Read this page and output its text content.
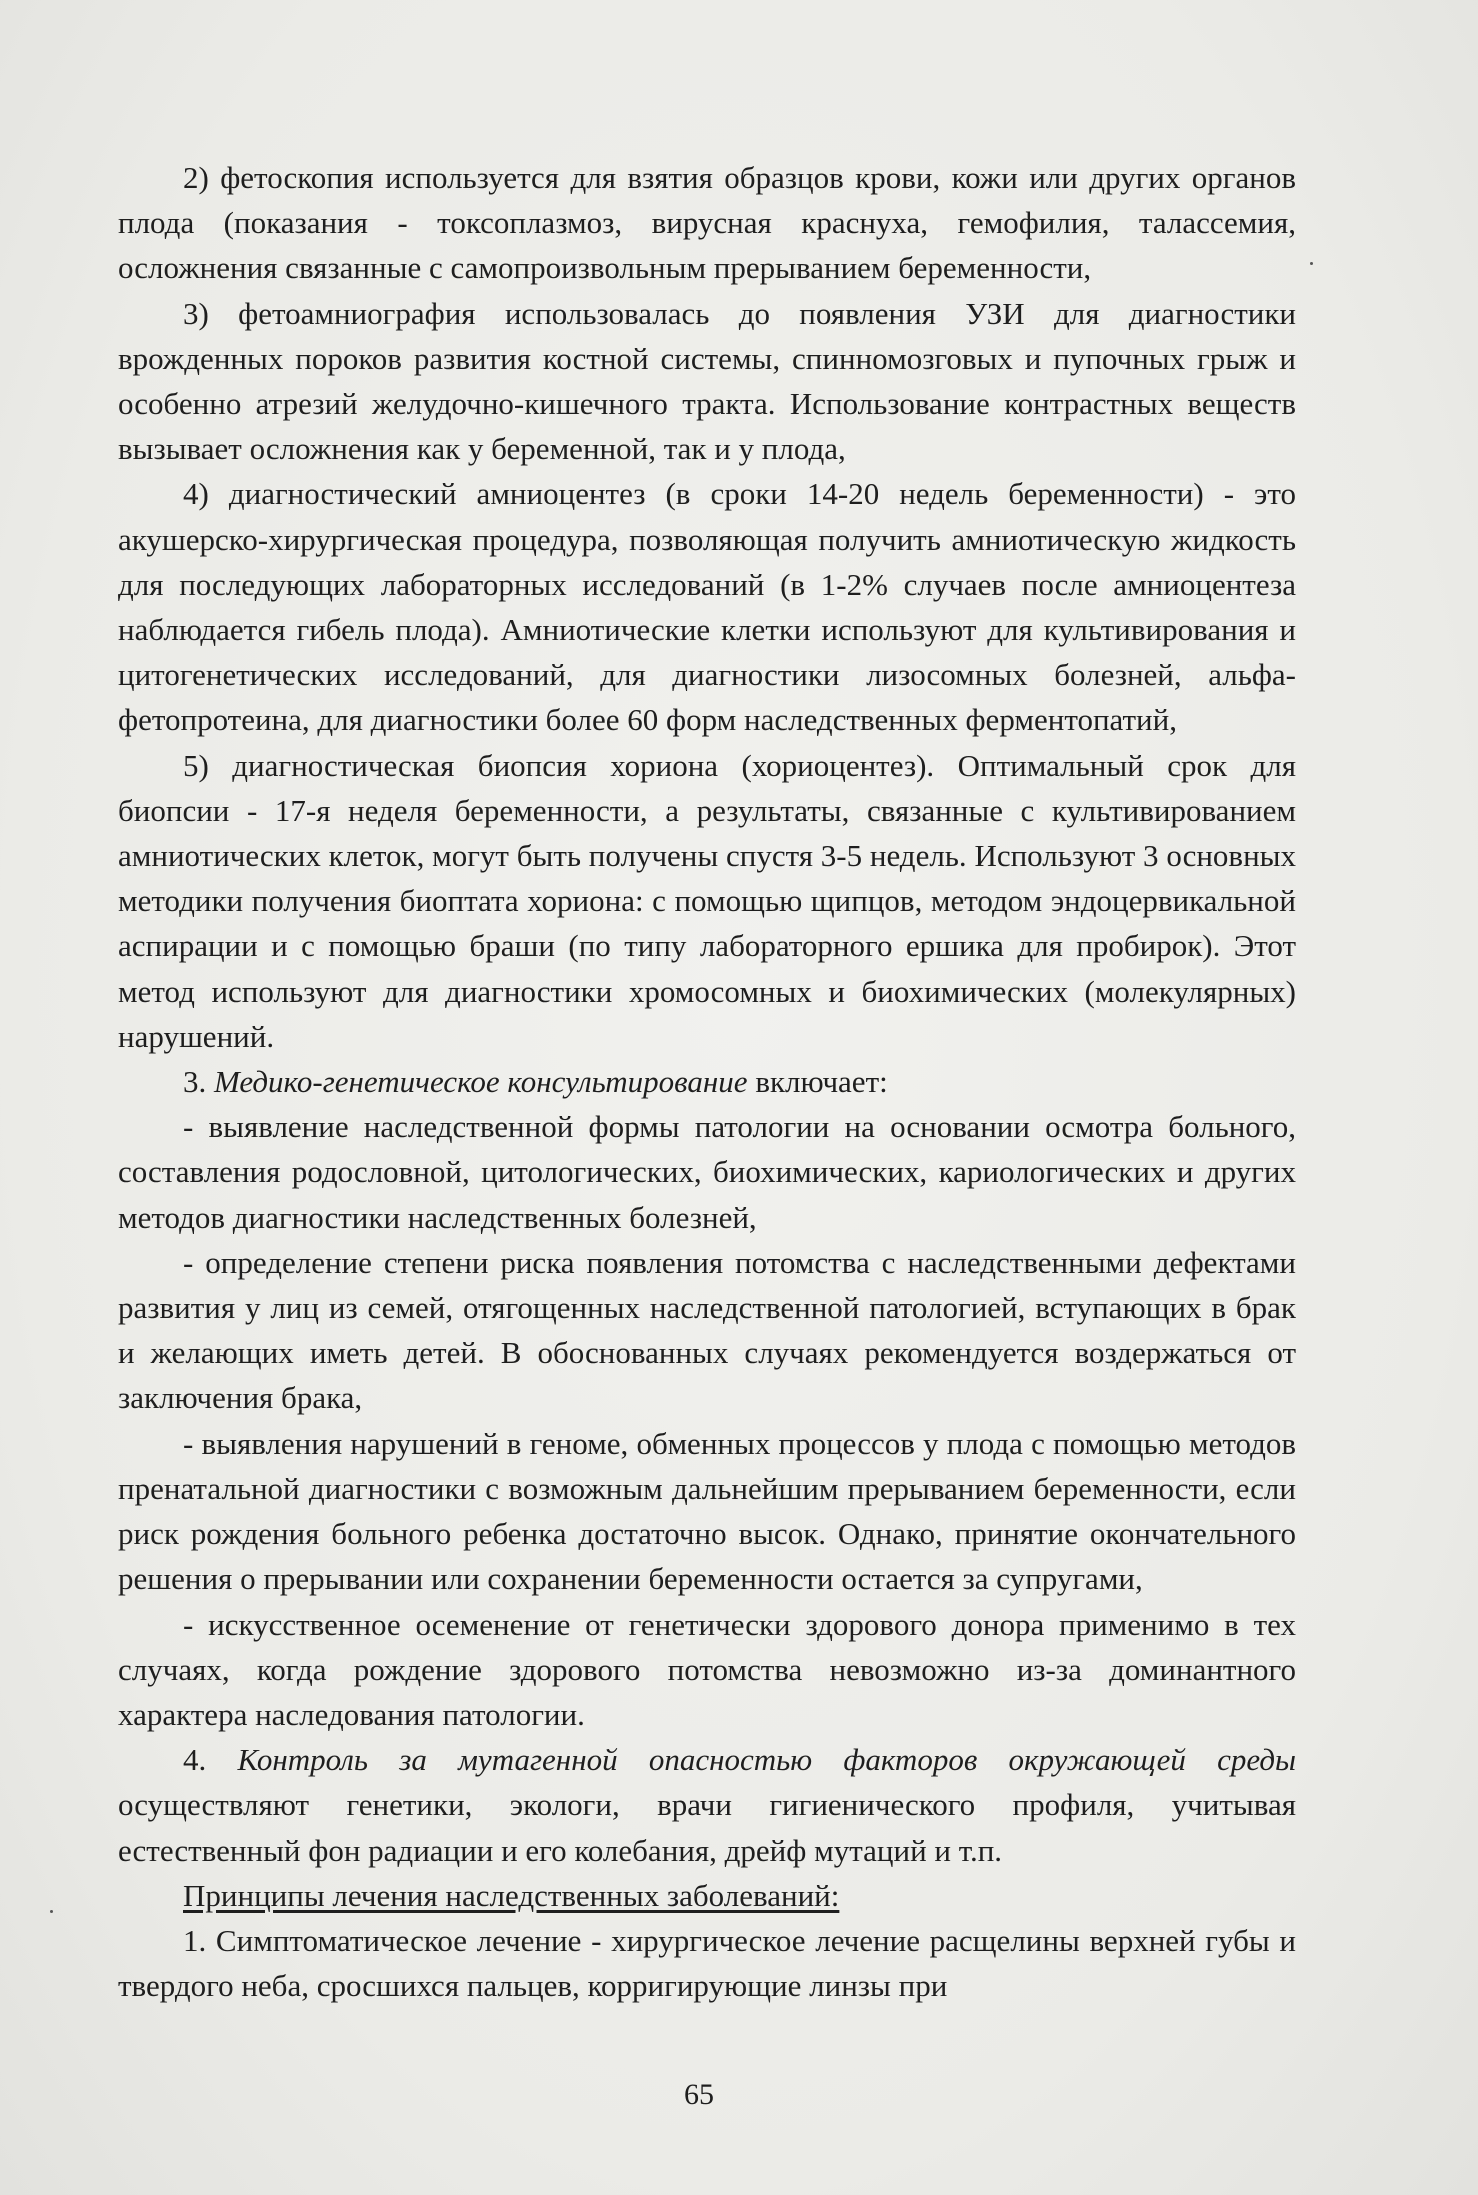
2) фетоскопия используется для взятия образцов крови, кожи или других органов плода (показания - токсоплазмоз, вирусная краснуха, гемофилия, талассемия, осложнения связанные с самопроизвольным прерыванием беременности,

3) фетоамниография использовалась до появления УЗИ для диагностики врожденных пороков развития костной системы, спинномозговых и пупочных грыж и особенно атрезий желудочно-кишечного тракта. Использование контрастных веществ вызывает осложнения как у беременной, так и у плода,

4) диагностический амниоцентез (в сроки 14-20 недель беременности) - это акушерско-хирургическая процедура, позволяющая получить амниотическую жидкость для последующих лабораторных исследований (в 1-2% случаев после амниоцентеза наблюдается гибель плода). Амниотические клетки используют для культивирования и цитогенетических исследований, для диагностики лизосомных болезней, альфа-фетопротеина, для диагностики более 60 форм наследственных ферментопатий,

5) диагностическая биопсия хориона (хориоцентез). Оптимальный срок для биопсии - 17-я неделя беременности, а результаты, связанные с культивированием амниотических клеток, могут быть получены спустя 3-5 недель. Используют 3 основных методики получения биоптата хориона: с помощью щипцов, методом эндоцервикальной аспирации и с помощью браши (по типу лабораторного ершика для пробирок). Этот метод используют для диагностики хромосомных и биохимических (молекулярных) нарушений.

3. Медико-генетическое консультирование включает:

- выявление наследственной формы патологии на основании осмотра больного, составления родословной, цитологических, биохимических, кариологических и других методов диагностики наследственных болезней,

- определение степени риска появления потомства с наследственными дефектами развития у лиц из семей, отягощенных наследственной патологией, вступающих в брак и желающих иметь детей. В обоснованных случаях рекомендуется воздержаться от заключения брака,

- выявления нарушений в геноме, обменных процессов у плода с помощью методов пренатальной диагностики с возможным дальнейшим прерыванием беременности, если риск рождения больного ребенка достаточно высок. Однако, принятие окончательного решения о прерывании или сохранении беременности остается за супругами,

- искусственное осеменение от генетически здорового донора применимо в тех случаях, когда рождение здорового потомства невозможно из-за доминантного характера наследования патологии.

4. Контроль за мутагенной опасностью факторов окружающей среды осуществляют генетики, экологи, врачи гигиенического профиля, учитывая естественный фон радиации и его колебания, дрейф мутаций и т.п.

Принципы лечения наследственных заболеваний:

1. Симптоматическое лечение - хирургическое лечение расщелины верхней губы и твердого неба, сросшихся пальцев, корригирующие линзы при

65
